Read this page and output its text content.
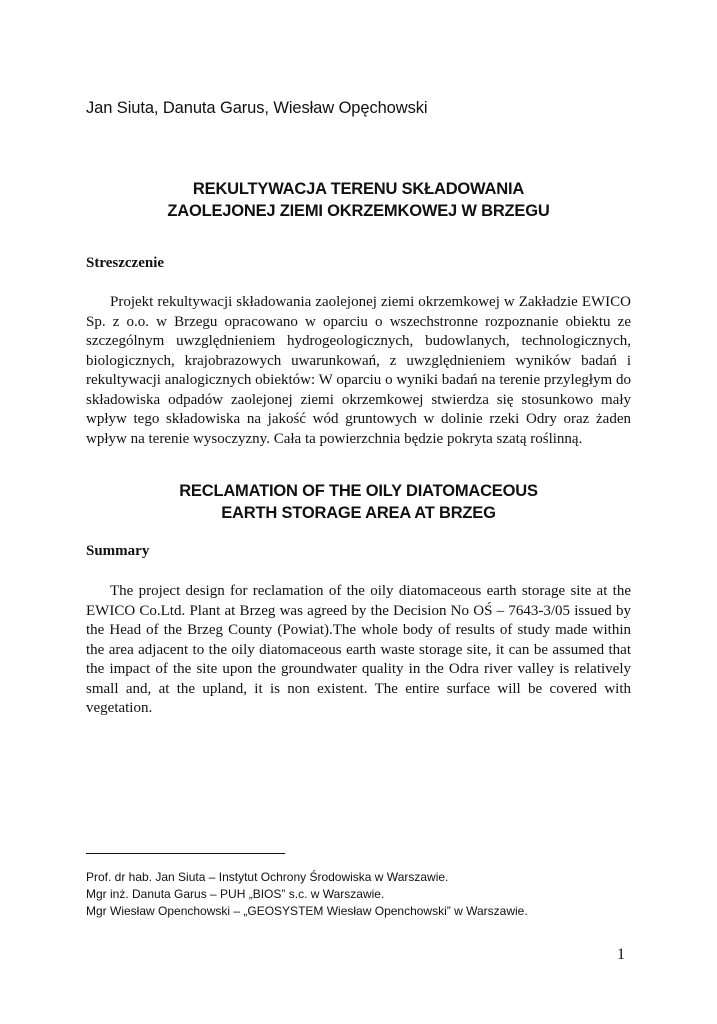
Jan Siuta, Danuta Garus, Wiesław Opęchowski
REKULTYWACJA TERENU SKŁADOWANIA
ZAOLEJONEJ ZIEMI OKRZEMKOWEJ W BRZEGU
Streszczenie

Projekt rekultywacji składowania zaolejonej ziemi okrzemkowej w Zakładzie EWICO Sp. z o.o. w Brzegu opracowano w oparciu o wszechstronne rozpoznanie obiektu ze szczególnym uwzględnieniem hydrogeologicznych, budowlanych, technologicznych, biologicznych, krajobrazowych uwarunkowań, z uwzględnieniem wyników badań i rekultywacji analogicznych obiektów: W oparciu o wyniki badań na terenie przyległym do składowiska odpadów zaolejonej ziemi okrzemkowej stwierdza się stosunkowo mały wpływ tego składowiska na jakość wód gruntowych w dolinie rzeki Odry oraz żaden wpływ na terenie wysoczyzny. Cała ta powierzchnia będzie pokryta szatą roślinną.

RECLAMATION OF THE OILY DIATOMACEOUS
EARTH STORAGE AREA AT BRZEG
Summary

The project design for reclamation of the oily diatomaceous earth storage site at the EWICO Co.Ltd. Plant at Brzeg was agreed by the Decision No OŚ – 7643-3/05 issued by the Head of the Brzeg County (Powiat).The whole body of results of study made within the area adjacent to the oily diatomaceous earth waste storage site, it can be assumed that the impact of the site upon the groundwater quality in the Odra river valley is relatively small and, at the upland, it is non existent. The entire surface will be covered with vegetation.

Prof. dr hab. Jan Siuta – Instytut Ochrony Środowiska w Warszawie.
Mgr inż. Danuta Garus – PUH „BIOS” s.c. w Warszawie.
Mgr Wiesław Openchowski – „GEOSYSTEM Wiesław Openchowski” w Warszawie.
1
